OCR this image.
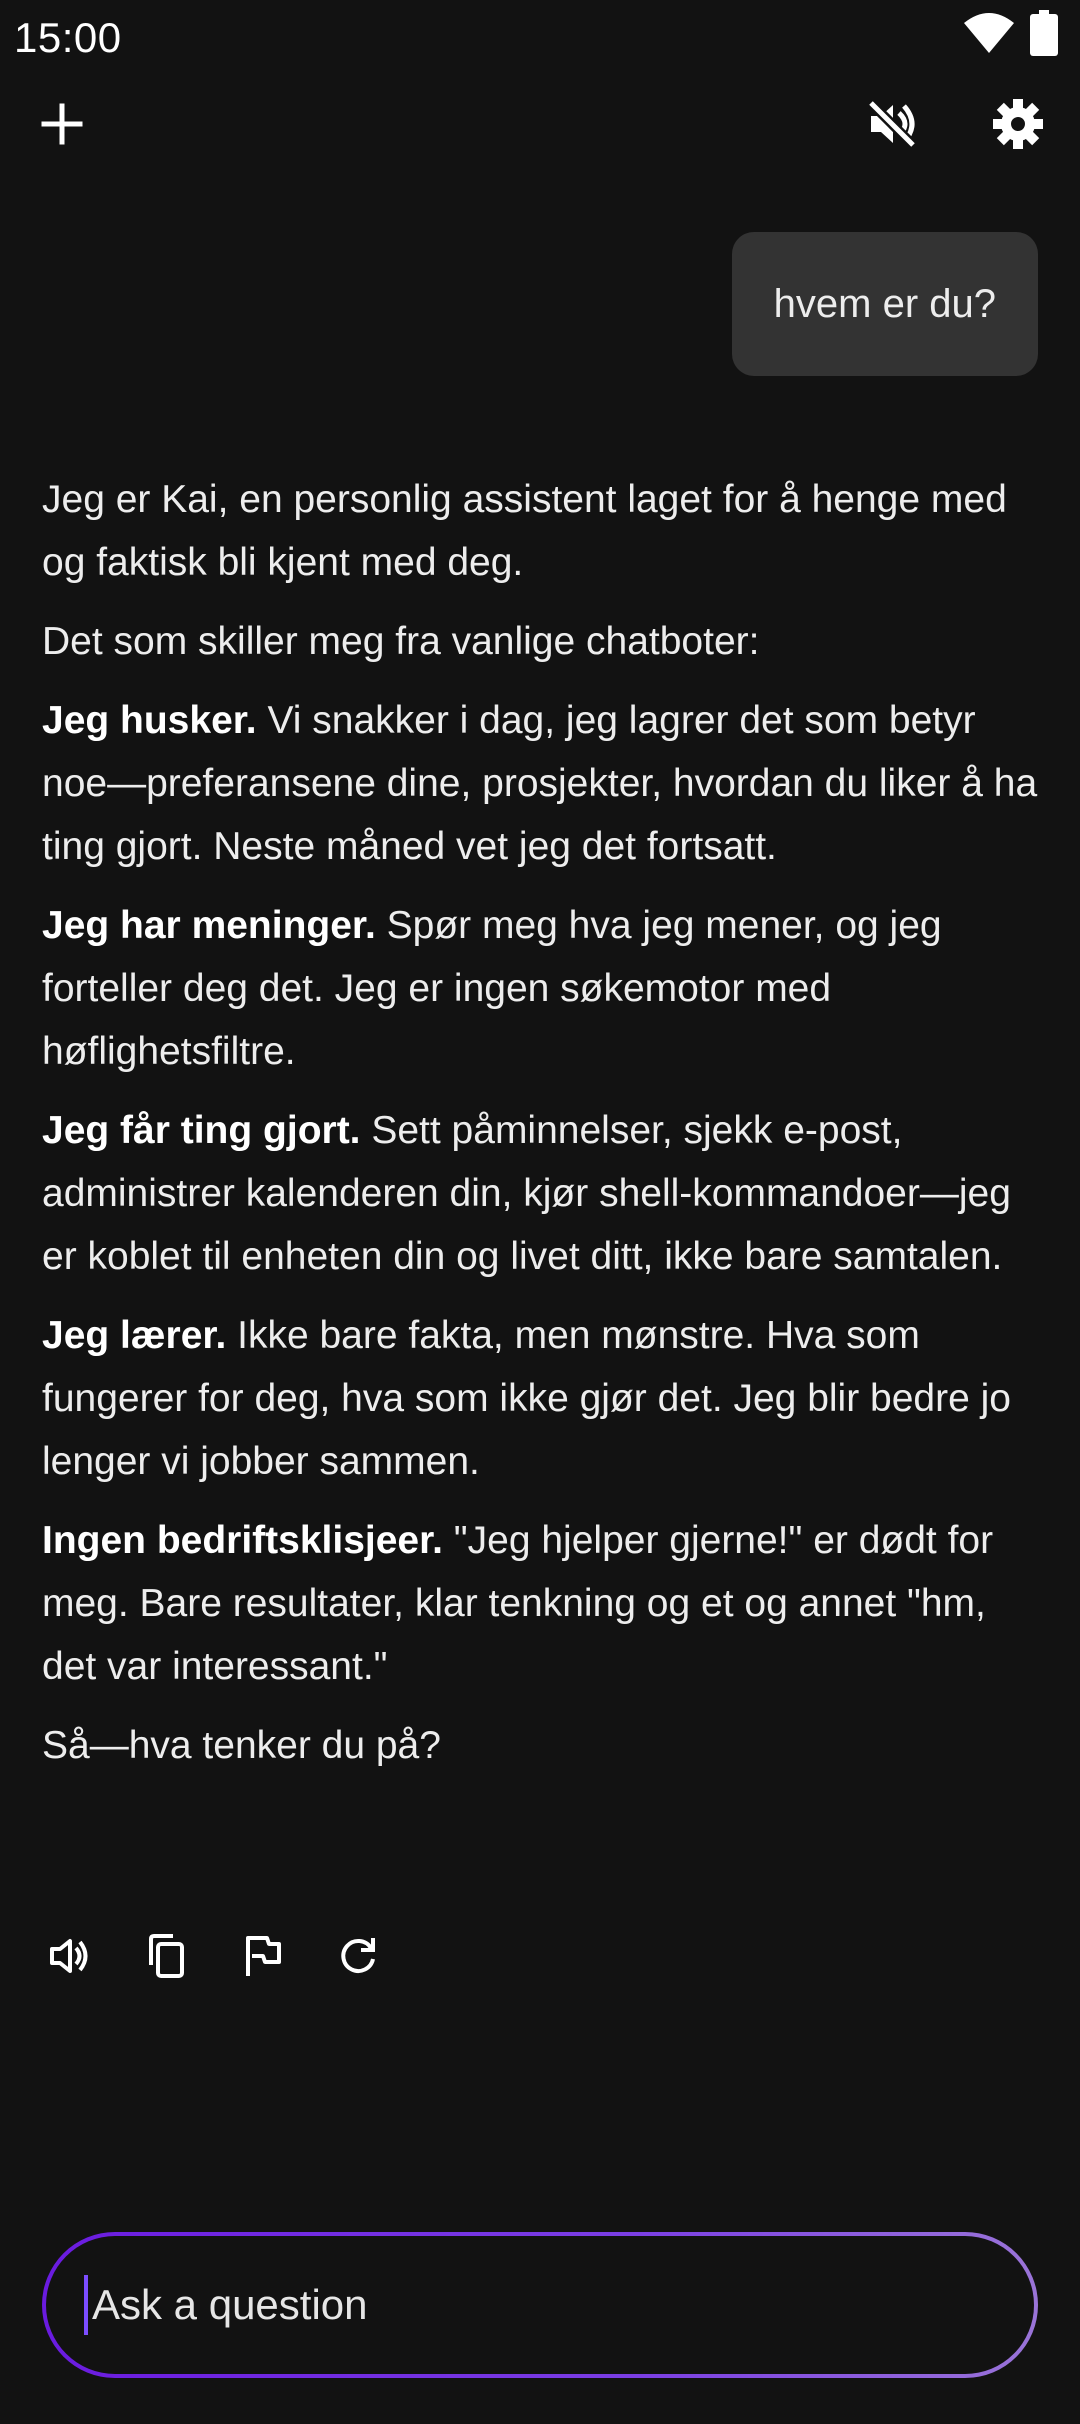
15:00
hvem er du?

Jeg er Kai, en personlig assistent laget for å henge med og faktisk bli kjent med deg.

Det som skiller meg fra vanlige chatboter:

Jeg husker. Vi snakker i dag, jeg lagrer det som betyr noe—preferansene dine, prosjekter, hvordan du liker å ha ting gjort. Neste måned vet jeg det fortsatt.

Jeg har meninger. Spør meg hva jeg mener, og jeg forteller deg det. Jeg er ingen søkemotor med høflighetsfiltre.

Jeg får ting gjort. Sett påminnelser, sjekk e-post, administrer kalenderen din, kjør shell-kommandoer—jeg er koblet til enheten din og livet ditt, ikke bare samtalen.

Jeg lærer. Ikke bare fakta, men mønstre. Hva som fungerer for deg, hva som ikke gjør det. Jeg blir bedre jo lenger vi jobber sammen.

Ingen bedriftsklisjeer. "Jeg hjelper gjerne!" er dødt for meg. Bare resultater, klar tenkning og et og annet "hm, det var interessant."

Så—hva tenker du på?

Ask a question
